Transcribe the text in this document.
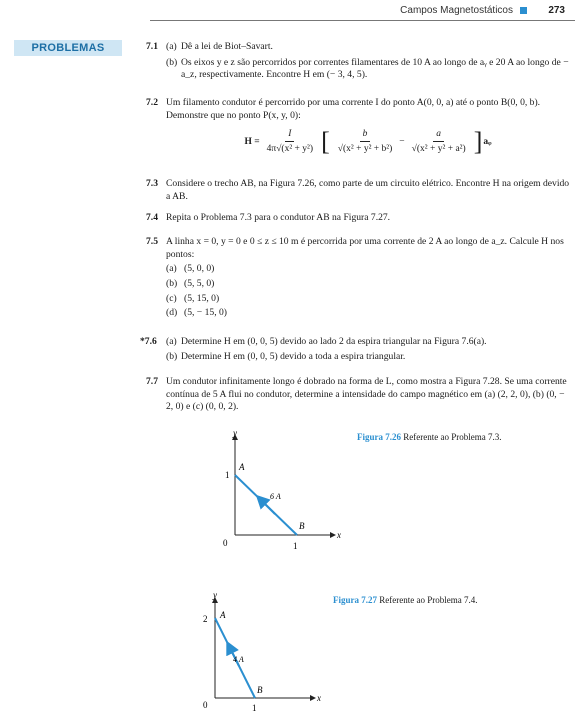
Campos Magnetostáticos	273
PROBLEMAS	7.1 (a) Dê a lei de Biot–Savart.
(b) Os eixos y e z são percorridos por correntes filamentares de 10 A ao longo de aᵧ e 20 A ao longo de − a_z, respectivamente. Encontre H em (− 3, 4, 5).
7.2 Um filamento condutor é percorrido por uma corrente I do ponto A(0, 0, a) até o ponto B(0, 0, b). Demonstre que no ponto P(x, y, 0):
$H = \frac{I}{\text{4π√(x² + y²)}}$ [ $\frac{b}{\text{√(x² + y² + b²)}} - \frac{a}{\text{√(x² + y² + a²)}}$ ] aᵩ
7.3 Considere o trecho AB, na Figura 7.26, como parte de um circuito elétrico. Encontre H na origem devido a AB.
7.4 Repita o Problema 7.3 para o condutor AB na Figura 7.27.
7.5 A linha x = 0, y = 0 e 0 ≤ z ≤ 10 m é percorrida por uma corrente de 2 A ao longo de a_z. Calcule H nos pontos:
(a) (5, 0, 0)
(b) (5, 5, 0)
(c) (5, 15, 0)
(d) (5, − 15, 0)
*7.6 (a) Determine H em (0, 0, 5) devido ao lado 2 da espira triangular na Figura 7.6(a).
(b) Determine H em (0, 0, 5) devido a toda a espira triangular.
7.7 Um condutor infinitamente longo é dobrado na forma de L, como mostra a Figura 7.28. Se uma corrente contínua de 5 A flui no condutor, determine a intensidade do campo magnético em (a) (2, 2, 0), (b) (0, − 2, 0) e (c) (0, 0, 2).
y
x
0	1
1
A
B
6 A
Figura 7.26 Referente ao Problema 7.3.
y
x
0	1
2 A
B
4 A
Figura 7.27 Referente ao Problema 7.4.
